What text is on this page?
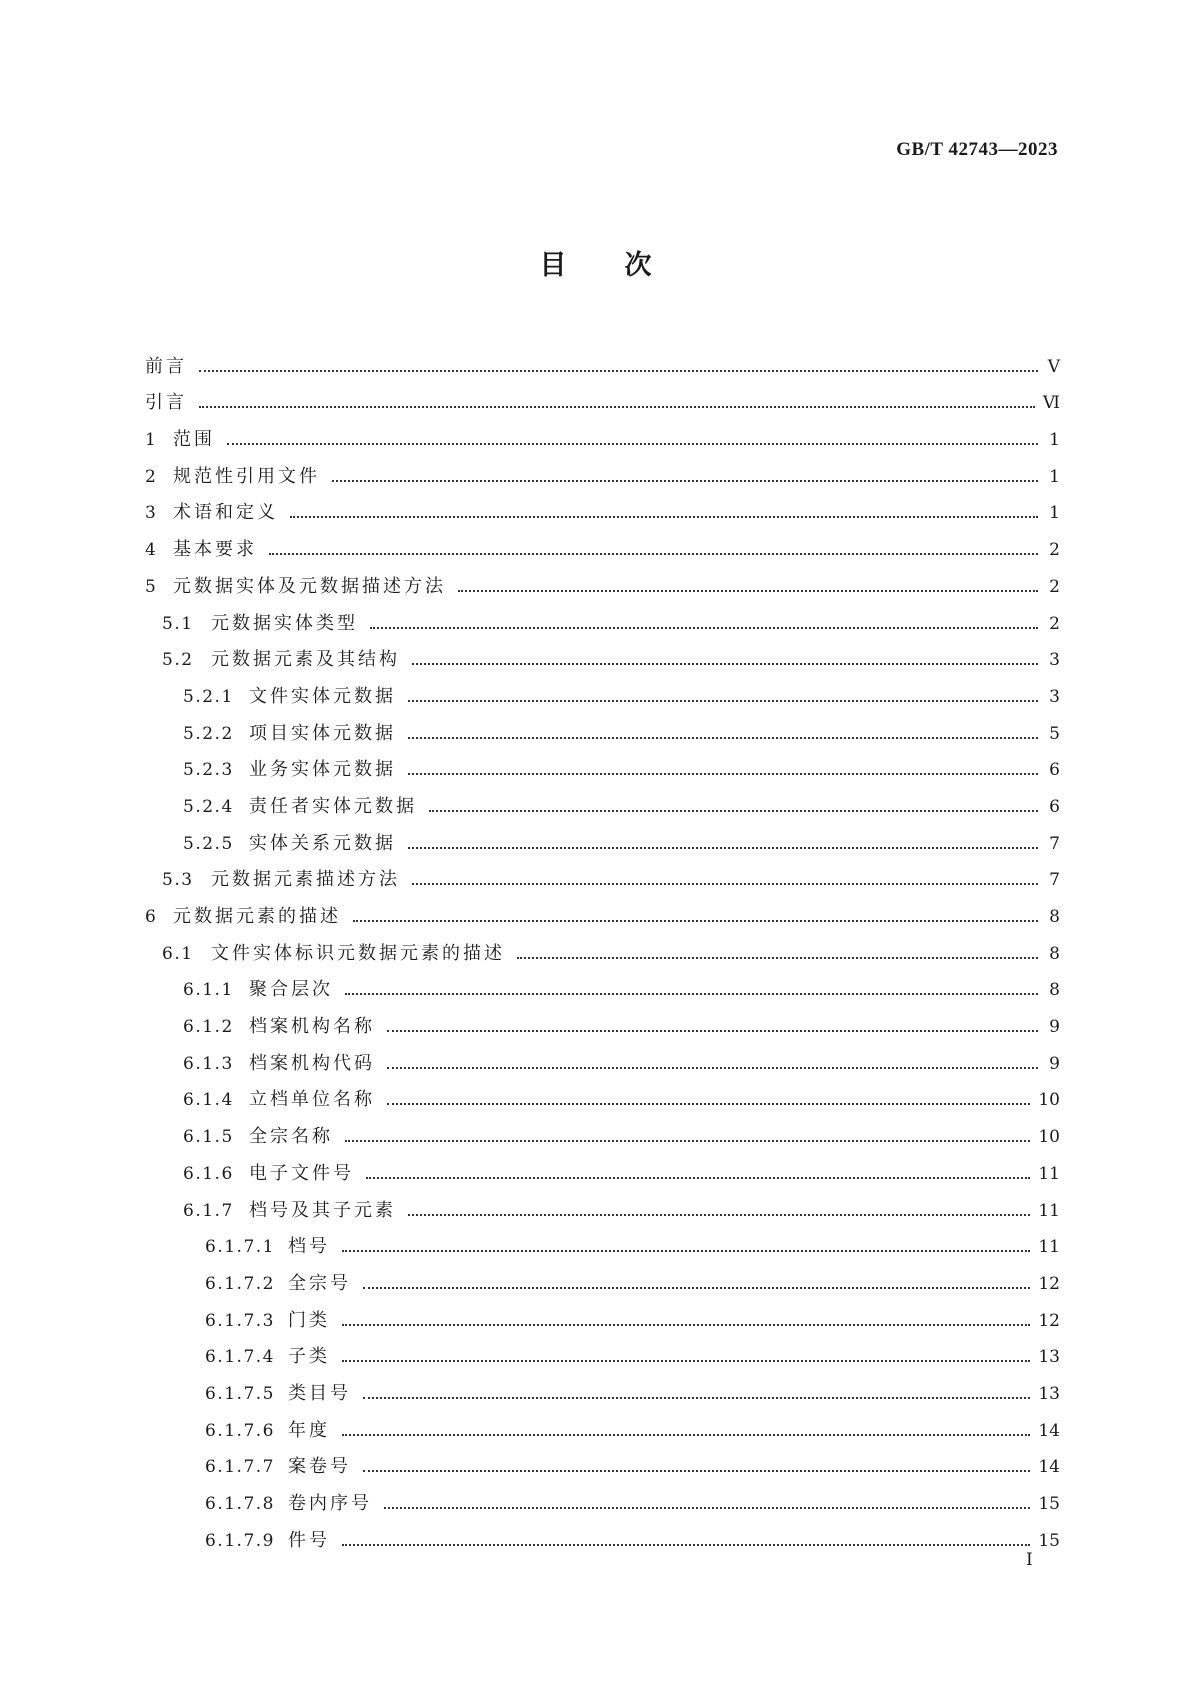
GB/T 42743—2023
目次
前言	Ⅴ
引言	Ⅵ
1 范围	1
2 规范性引用文件	1
3 术语和定义	1
4 基本要求	2
5 元数据实体及元数据描述方法	2
5.1 元数据实体类型	2
5.2 元数据元素及其结构	3
5.2.1 文件实体元数据	3
5.2.2 项目实体元数据	5
5.2.3 业务实体元数据	6
5.2.4 责任者实体元数据	6
5.2.5 实体关系元数据	7
5.3 元数据元素描述方法	7
6 元数据元素的描述	8
6.1 文件实体标识元数据元素的描述	8
6.1.1 聚合层次	8
6.1.2 档案机构名称	9
6.1.3 档案机构代码	9
6.1.4 立档单位名称	10
6.1.5 全宗名称	10
6.1.6 电子文件号	11
6.1.7 档号及其子元素	11
6.1.7.1 档号	11
6.1.7.2 全宗号	12
6.1.7.3 门类	12
6.1.7.4 子类	13
6.1.7.5 类目号	13
6.1.7.6 年度	14
6.1.7.7 案卷号	14
6.1.7.8 卷内序号	15
6.1.7.9 件号	15
Ⅰ
